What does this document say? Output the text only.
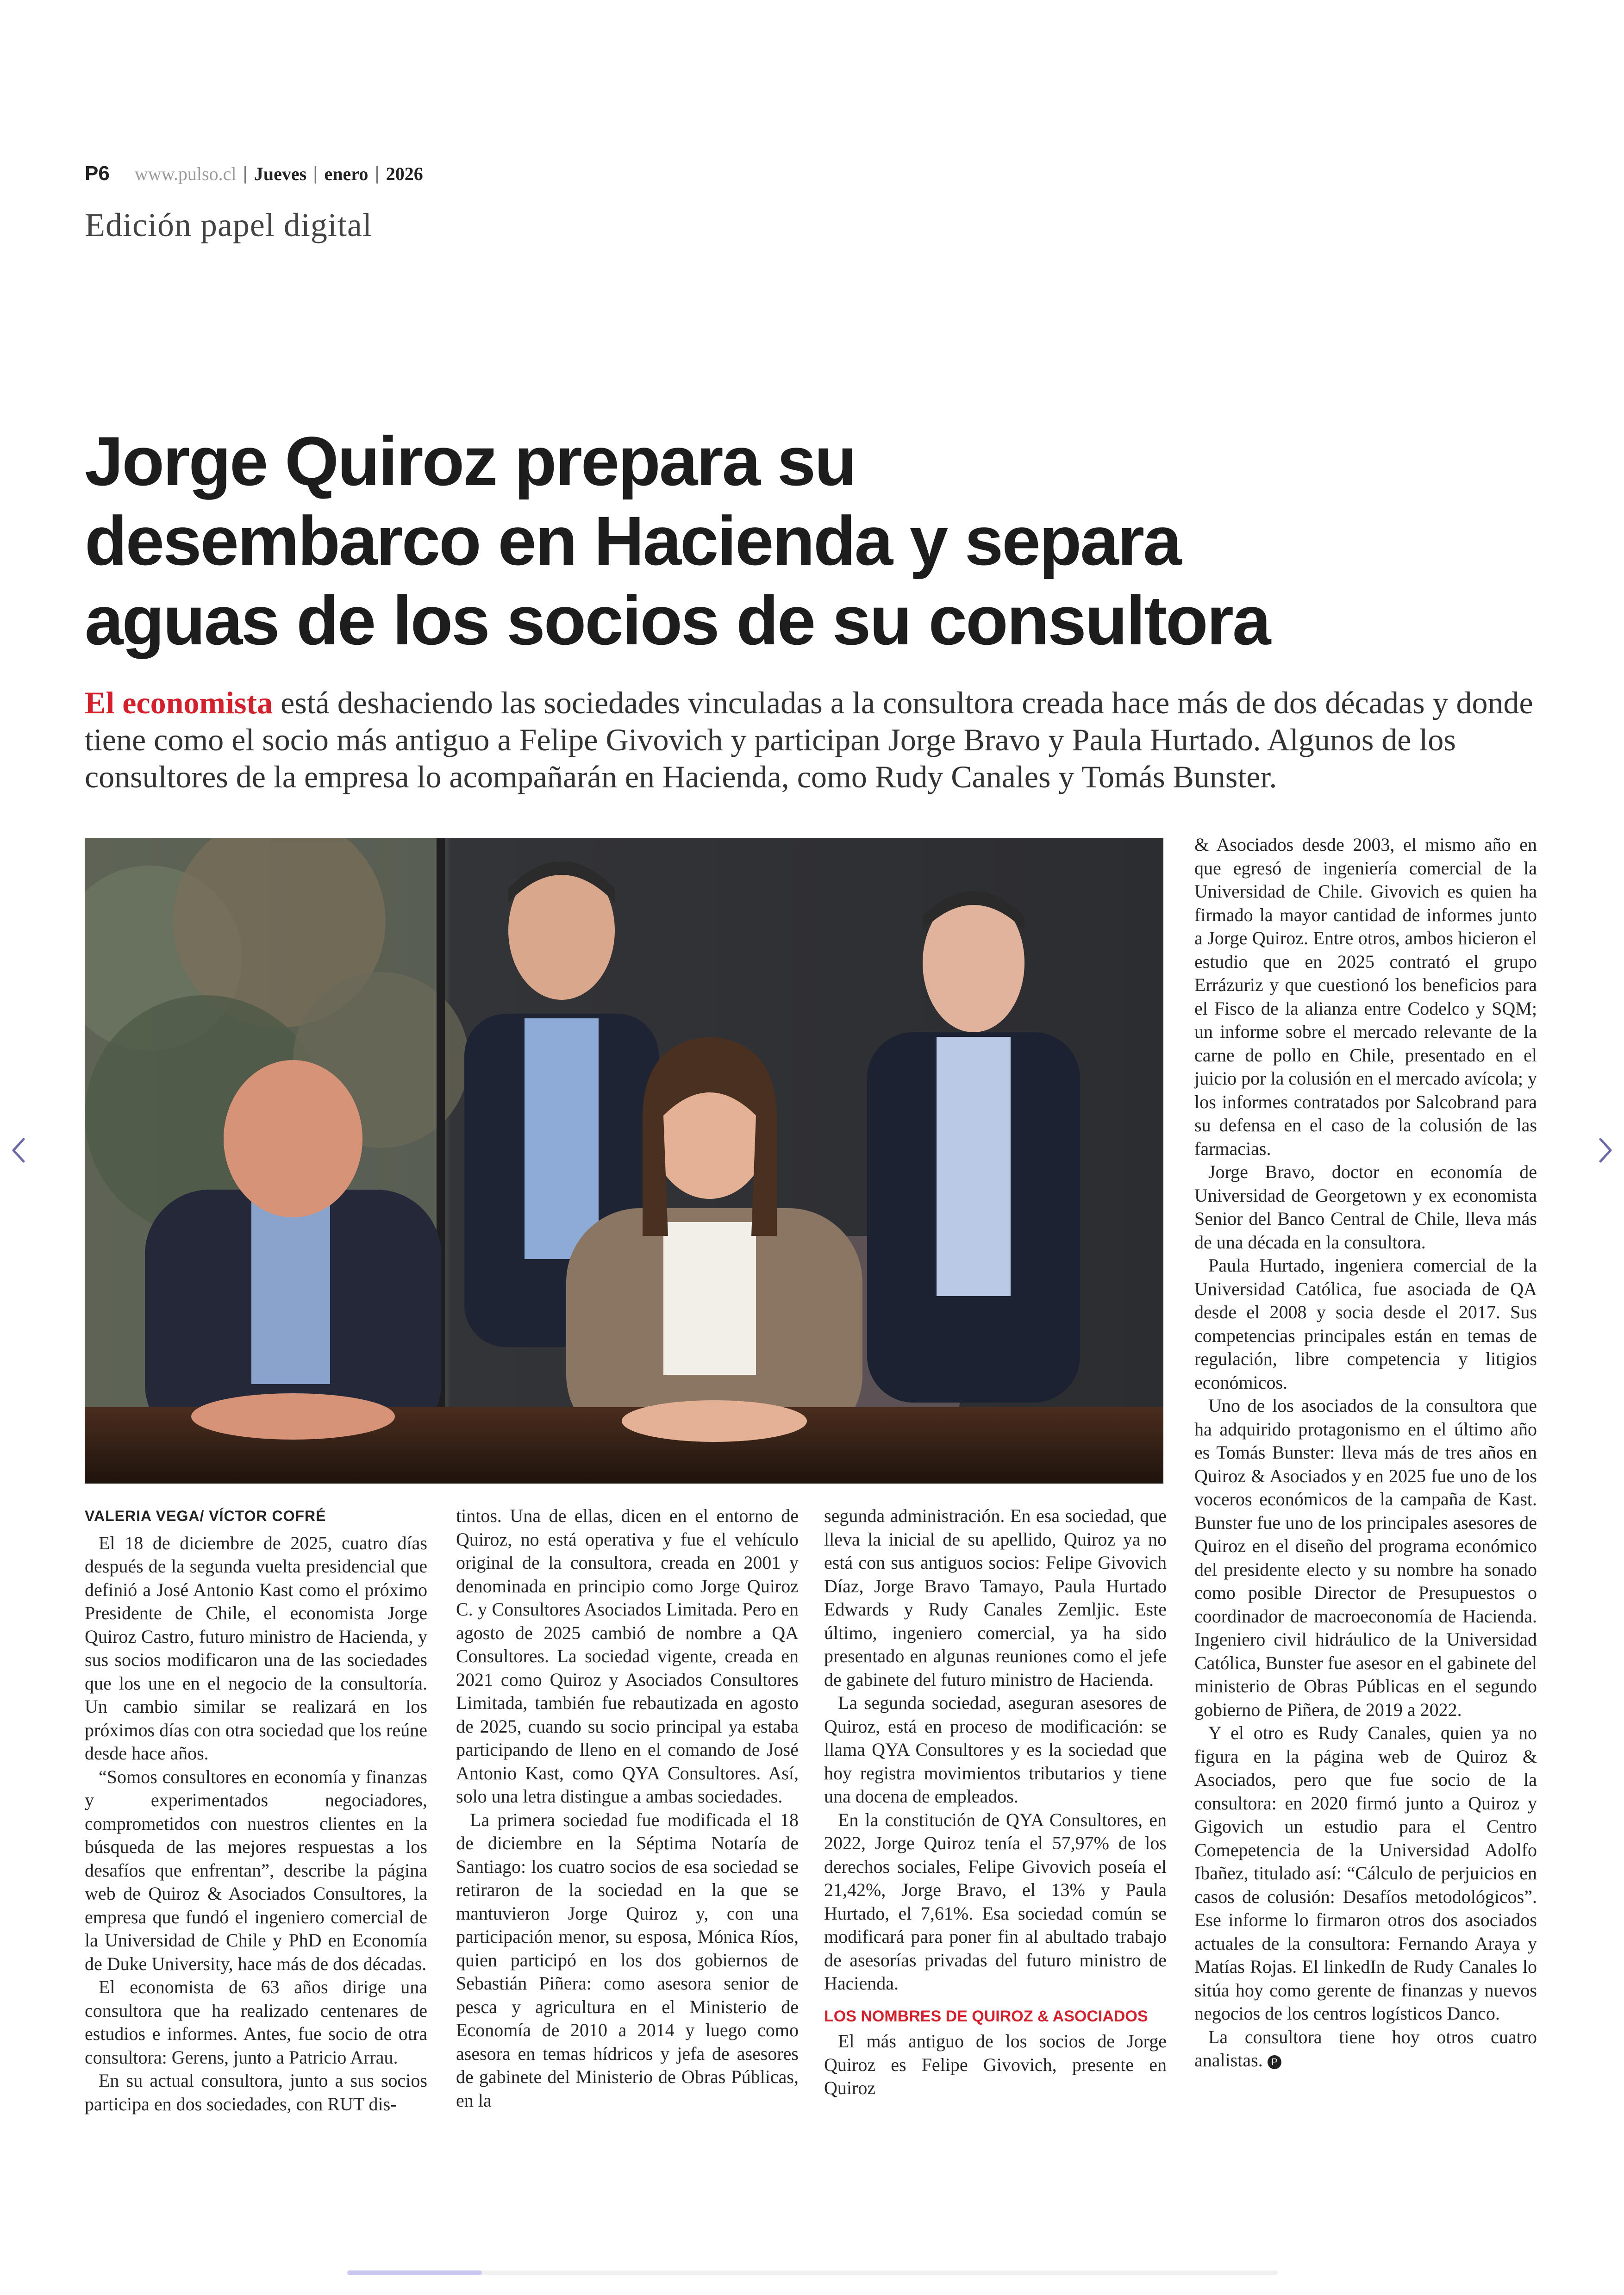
P6 www.pulso.cl | Jueves | enero | 2026
Edición papel digital
Jorge Quiroz prepara su
desembarco en Hacienda y separa
aguas de los socios de su consultora
El economista está deshaciendo las sociedades vinculadas a la consultora creada hace más de dos décadas y donde tiene como el socio más antiguo a Felipe Givovich y participan Jorge Bravo y Paula Hurtado. Algunos de los consultores de la empresa lo acompañarán en Hacienda, como Rudy Canales y Tomás Bunster.

VALERIA VEGA/ VÍCTOR COFRÉ

El 18 de diciembre de 2025, cuatro días después de la segunda vuelta presidencial que definió a José Antonio Kast como el próximo Presidente de Chile, el economista Jorge Quiroz Castro, futuro ministro de Hacienda, y sus socios modificaron una de las sociedades que los une en el negocio de la consultoría. Un cambio similar se realizará en los próximos días con otra sociedad que los reúne desde hace años.

“Somos consultores en economía y finanzas y experimentados negociadores, comprometidos con nuestros clientes en la búsqueda de las mejores respuestas a los desafíos que enfrentan”, describe la página web de Quiroz & Asociados Consultores, la empresa que fundó el ingeniero comercial de la Universidad de Chile y PhD en Economía de Duke University, hace más de dos décadas.

El economista de 63 años dirige una consultora que ha realizado centenares de estudios e informes. Antes, fue socio de otra consultora: Gerens, junto a Patricio Arrau.

En su actual consultora, junto a sus socios participa en dos sociedades, con RUT dis-

tintos. Una de ellas, dicen en el entorno de Quiroz, no está operativa y fue el vehículo original de la consultora, creada en 2001 y denominada en principio como Jorge Quiroz C. y Consultores Asociados Limitada. Pero en agosto de 2025 cambió de nombre a QA Consultores. La sociedad vigente, creada en 2021 como Quiroz y Asociados Consultores Limitada, también fue rebautizada en agosto de 2025, cuando su socio principal ya estaba participando de lleno en el comando de José Antonio Kast, como QYA Consultores. Así, solo una letra distingue a ambas sociedades.

La primera sociedad fue modificada el 18 de diciembre en la Séptima Notaría de Santiago: los cuatro socios de esa sociedad se retiraron de la sociedad en la que se mantuvieron Jorge Quiroz y, con una participación menor, su esposa, Mónica Ríos, quien participó en los dos gobiernos de Sebastián Piñera: como asesora senior de pesca y agricultura en el Ministerio de Economía de 2010 a 2014 y luego como asesora en temas hídricos y jefa de asesores de gabinete del Ministerio de Obras Públicas, en la

segunda administración. En esa sociedad, que lleva la inicial de su apellido, Quiroz ya no está con sus antiguos socios: Felipe Givovich Díaz, Jorge Bravo Tamayo, Paula Hurtado Edwards y Rudy Canales Zemljic. Este último, ingeniero comercial, ya ha sido presentado en algunas reuniones como el jefe de gabinete del futuro ministro de Hacienda.

La segunda sociedad, aseguran asesores de Quiroz, está en proceso de modificación: se llama QYA Consultores y es la sociedad que hoy registra movimientos tributarios y tiene una docena de empleados.

En la constitución de QYA Consultores, en 2022, Jorge Quiroz tenía el 57,97% de los derechos sociales, Felipe Givovich poseía el 21,42%, Jorge Bravo, el 13% y Paula Hurtado, el 7,61%. Esa sociedad común se modificará para poner fin al abultado trabajo de asesorías privadas del futuro ministro de Hacienda.

LOS NOMBRES DE QUIROZ & ASOCIADOS

El más antiguo de los socios de Jorge Quiroz es Felipe Givovich, presente en Quiroz

& Asociados desde 2003, el mismo año en que egresó de ingeniería comercial de la Universidad de Chile. Givovich es quien ha firmado la mayor cantidad de informes junto a Jorge Quiroz. Entre otros, ambos hicieron el estudio que en 2025 contrató el grupo Errázuriz y que cuestionó los beneficios para el Fisco de la alianza entre Codelco y SQM; un informe sobre el mercado relevante de la carne de pollo en Chile, presentado en el juicio por la colusión en el mercado avícola; y los informes contratados por Salcobrand para su defensa en el caso de la colusión de las farmacias.

Jorge Bravo, doctor en economía de Universidad de Georgetown y ex economista Senior del Banco Central de Chile, lleva más de una década en la consultora.

Paula Hurtado, ingeniera comercial de la Universidad Católica, fue asociada de QA desde el 2008 y socia desde el 2017. Sus competencias principales están en temas de regulación, libre competencia y litigios económicos.

Uno de los asociados de la consultora que ha adquirido protagonismo en el último año es Tomás Bunster: lleva más de tres años en Quiroz & Asociados y en 2025 fue uno de los voceros económicos de la campaña de Kast. Bunster fue uno de los principales asesores de Quiroz en el diseño del programa económico del presidente electo y su nombre ha sonado como posible Director de Presupuestos o coordinador de macroeconomía de Hacienda. Ingeniero civil hidráulico de la Universidad Católica, Bunster fue asesor en el gabinete del ministerio de Obras Públicas en el segundo gobierno de Piñera, de 2019 a 2022.

Y el otro es Rudy Canales, quien ya no figura en la página web de Quiroz & Asociados, pero que fue socio de la consultora: en 2020 firmó junto a Quiroz y Gigovich un estudio para el Centro Comepetencia de la Universidad Adolfo Ibañez, titulado así: “Cálculo de perjuicios en casos de colusión: Desafíos metodológicos”. Ese informe lo firmaron otros dos asociados actuales de la consultora: Fernando Araya y Matías Rojas. El linkedIn de Rudy Canales lo sitúa hoy como gerente de finanzas y nuevos negocios de los centros logísticos Danco.

La consultora tiene hoy otros cuatro analistas. P
